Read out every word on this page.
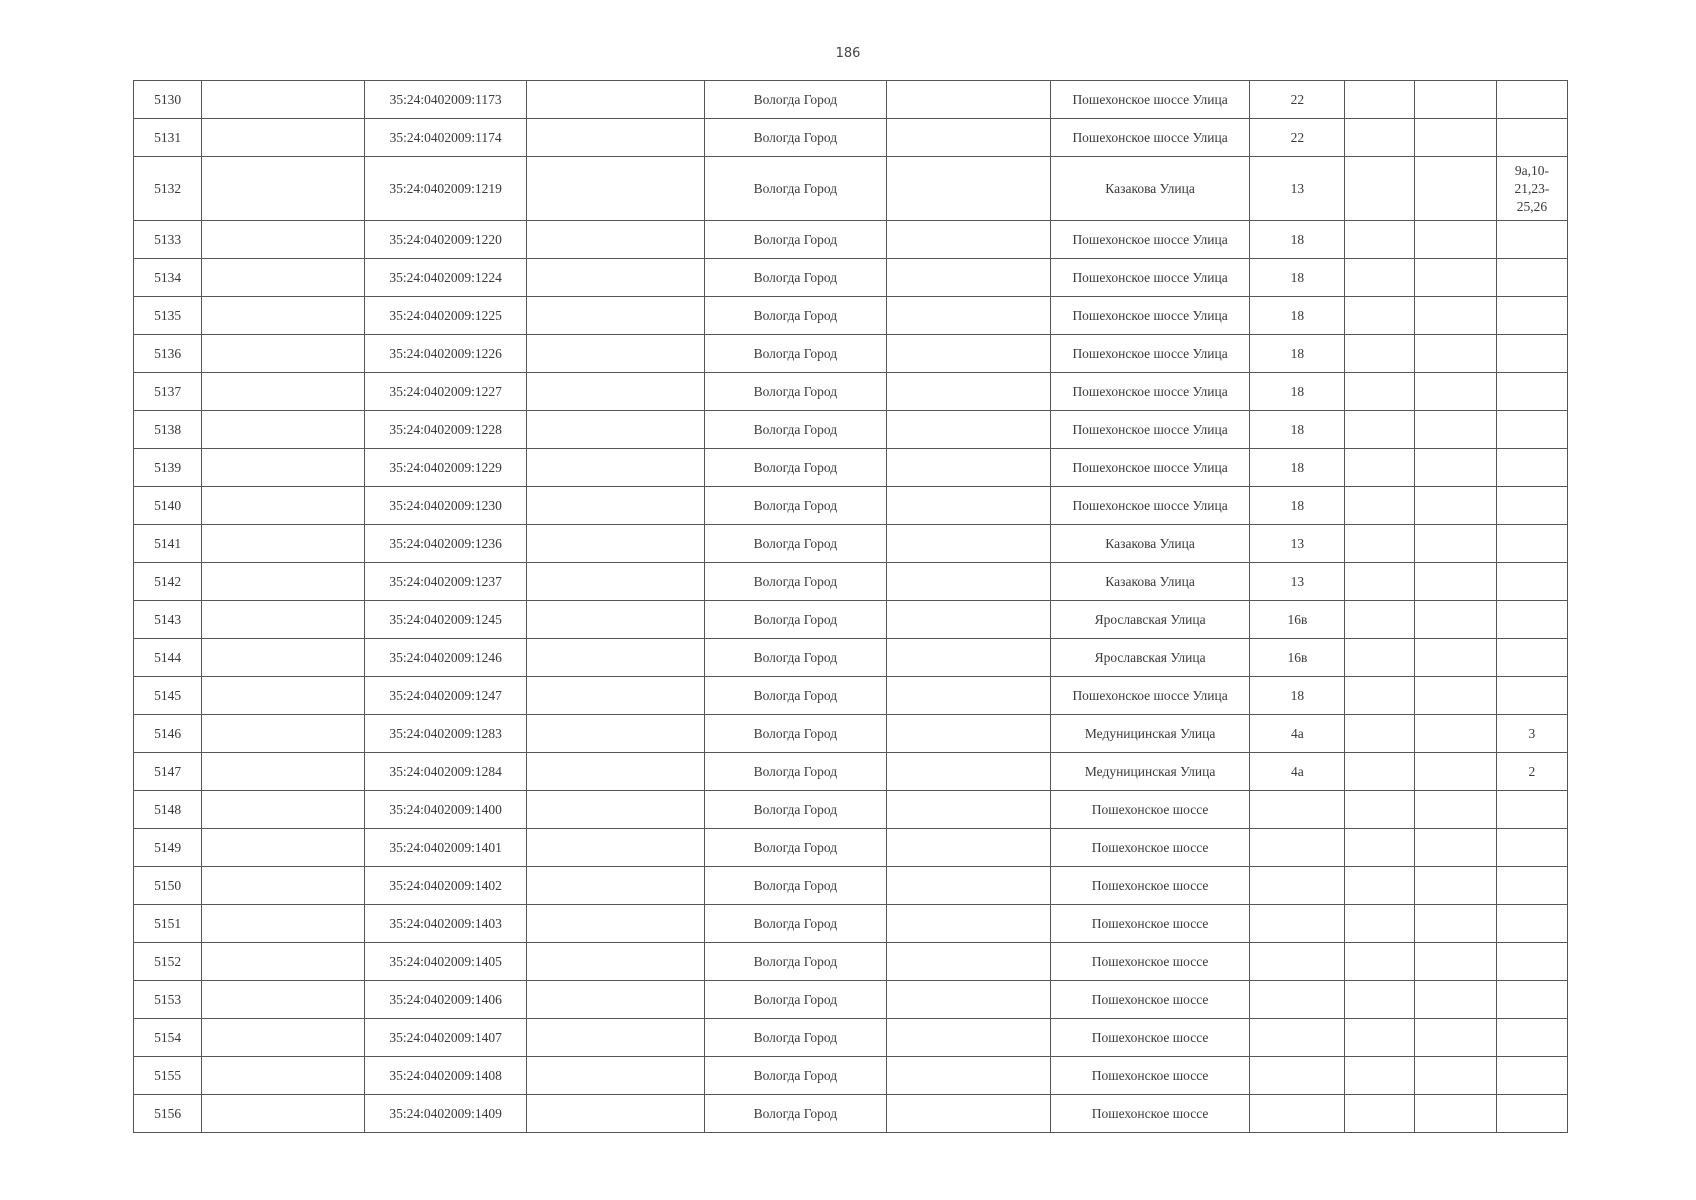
186
5130		35:24:0402009:1173		Вологда Город		Пошехонское шоссе Улица	22			
5131		35:24:0402009:1174		Вологда Город		Пошехонское шоссе Улица	22			
5132		35:24:0402009:1219		Вологда Город		Казакова Улица	13			9а,10-21,23-25,26
5133		35:24:0402009:1220		Вологда Город		Пошехонское шоссе Улица	18			
5134		35:24:0402009:1224		Вологда Город		Пошехонское шоссе Улица	18			
5135		35:24:0402009:1225		Вологда Город		Пошехонское шоссе Улица	18			
5136		35:24:0402009:1226		Вологда Город		Пошехонское шоссе Улица	18			
5137		35:24:0402009:1227		Вологда Город		Пошехонское шоссе Улица	18			
5138		35:24:0402009:1228		Вологда Город		Пошехонское шоссе Улица	18			
5139		35:24:0402009:1229		Вологда Город		Пошехонское шоссе Улица	18			
5140		35:24:0402009:1230		Вологда Город		Пошехонское шоссе Улица	18			
5141		35:24:0402009:1236		Вологда Город		Казакова Улица	13			
5142		35:24:0402009:1237		Вологда Город		Казакова Улица	13			
5143		35:24:0402009:1245		Вологда Город		Ярославская Улица	16в			
5144		35:24:0402009:1246		Вологда Город		Ярославская Улица	16в			
5145		35:24:0402009:1247		Вологда Город		Пошехонское шоссе Улица	18			
5146		35:24:0402009:1283		Вологда Город		Медуницинская Улица	4а			3
5147		35:24:0402009:1284		Вологда Город		Медуницинская Улица	4а			2
5148		35:24:0402009:1400		Вологда Город		Пошехонское шоссе				
5149		35:24:0402009:1401		Вологда Город		Пошехонское шоссе				
5150		35:24:0402009:1402		Вологда Город		Пошехонское шоссе				
5151		35:24:0402009:1403		Вологда Город		Пошехонское шоссе				
5152		35:24:0402009:1405		Вологда Город		Пошехонское шоссе				
5153		35:24:0402009:1406		Вологда Город		Пошехонское шоссе				
5154		35:24:0402009:1407		Вологда Город		Пошехонское шоссе				
5155		35:24:0402009:1408		Вологда Город		Пошехонское шоссе				
5156		35:24:0402009:1409		Вологда Город		Пошехонское шоссе				
